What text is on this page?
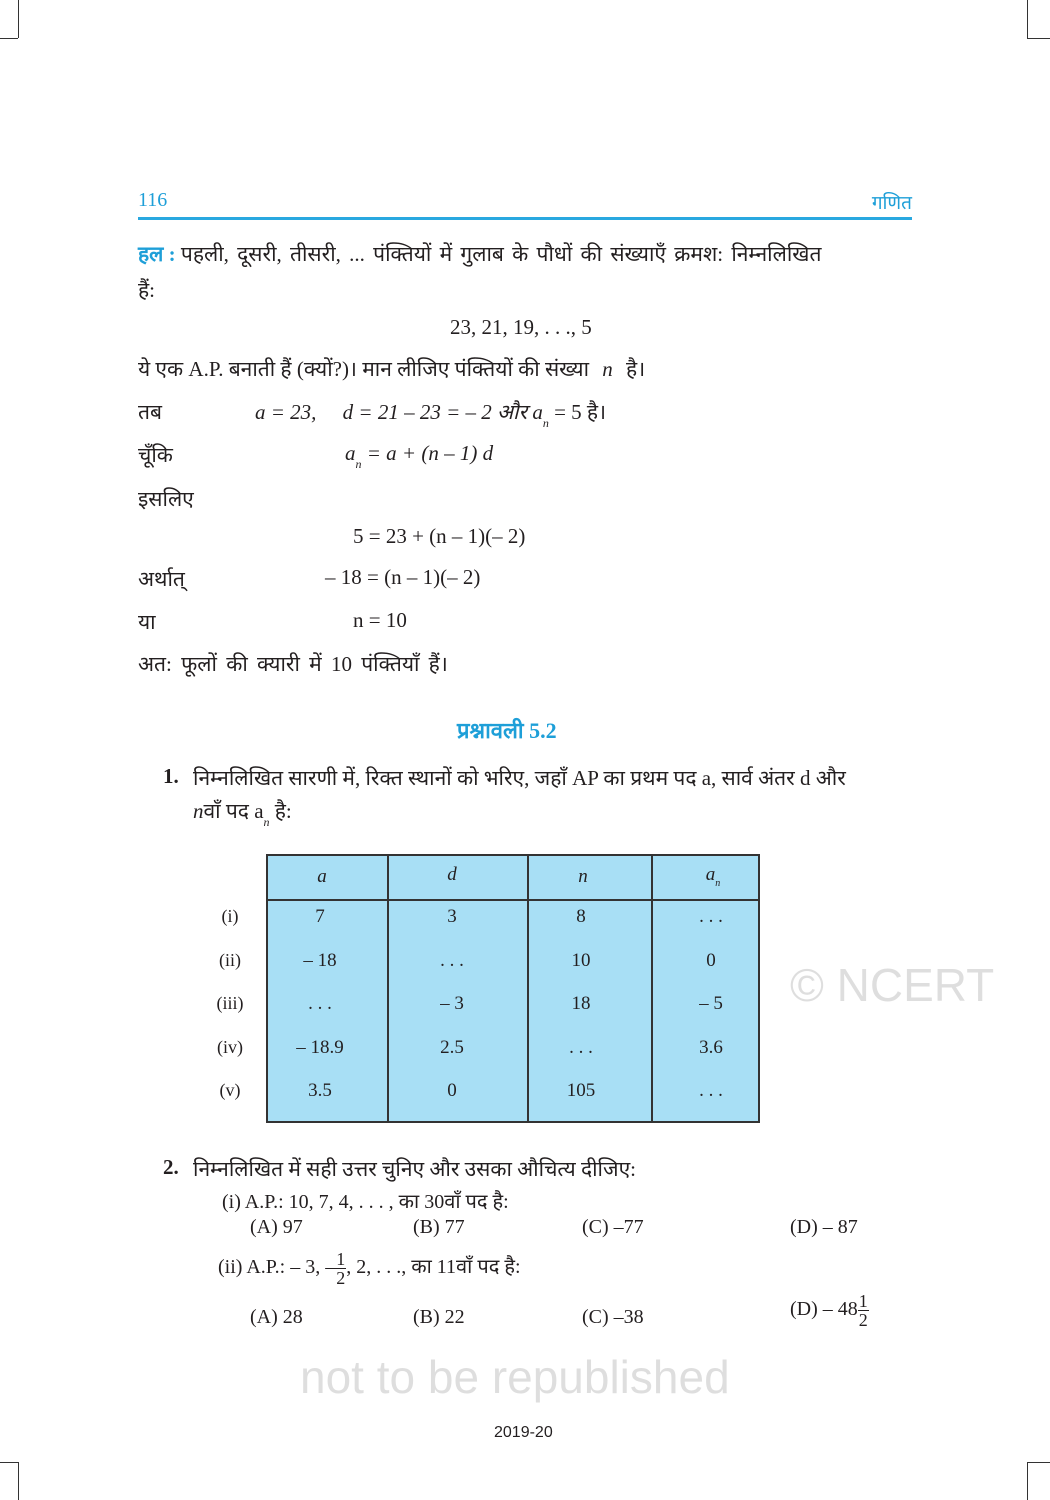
© NCERT
not to be republished
116	गणित
हल : पहली, दूसरी, तीसरी, ... पंक्तियों में गुलाब के पौधों की संख्याएँ क्रमश: निम्नलिखित
हैं:
23, 21, 19, . . ., 5
ये एक A.P. बनाती हैं (क्यों?)। मान लीजिए पंक्तियों की संख्या n है।
तब	a = 23,     d = 21 – 23 = – 2 और $a_n = 5$ है।
चूँकि	$a_n = a + (n - 1)$ d
इसलिए
5 = 23 + (n – 1)(– 2)
अर्थात्	– 18 = (n – 1)(– 2)
या	n = 10
अत: फूलों की क्यारी में 10 पंक्तियाँ हैं।
प्रश्नावली 5.2
1. निम्नलिखित सारणी में, रिक्त स्थानों को भरिए, जहाँ AP का प्रथम पद a, सार्व अंतर d और
nवाँ पद $a_n$ है:
a	d	n	$a_n$
2. निम्नलिखित में सही उत्तर चुनिए और उसका औचित्य दीजिए:
(i) A.P.: 10, 7, 4, . . . , का 30वाँ पद है:
(A) 97	(B) 77	(C) –77	(D) – 87
(ii) A.P.: – 3, – $\frac{1}{2}$ , 2, . . ., का 11वाँ पद है:
(A) 28	(B) 22	(C) –38	$(D) - 48 \frac{1}{2}$
2019-20
(i)	7	3	8	. . .
(ii)	– 18	. . .	10	0
(iii)	. . .	– 3	18	– 5
(iv)	– 18.9	2.5	. . .	3.6
(v)	3.5	0	105	. . .
